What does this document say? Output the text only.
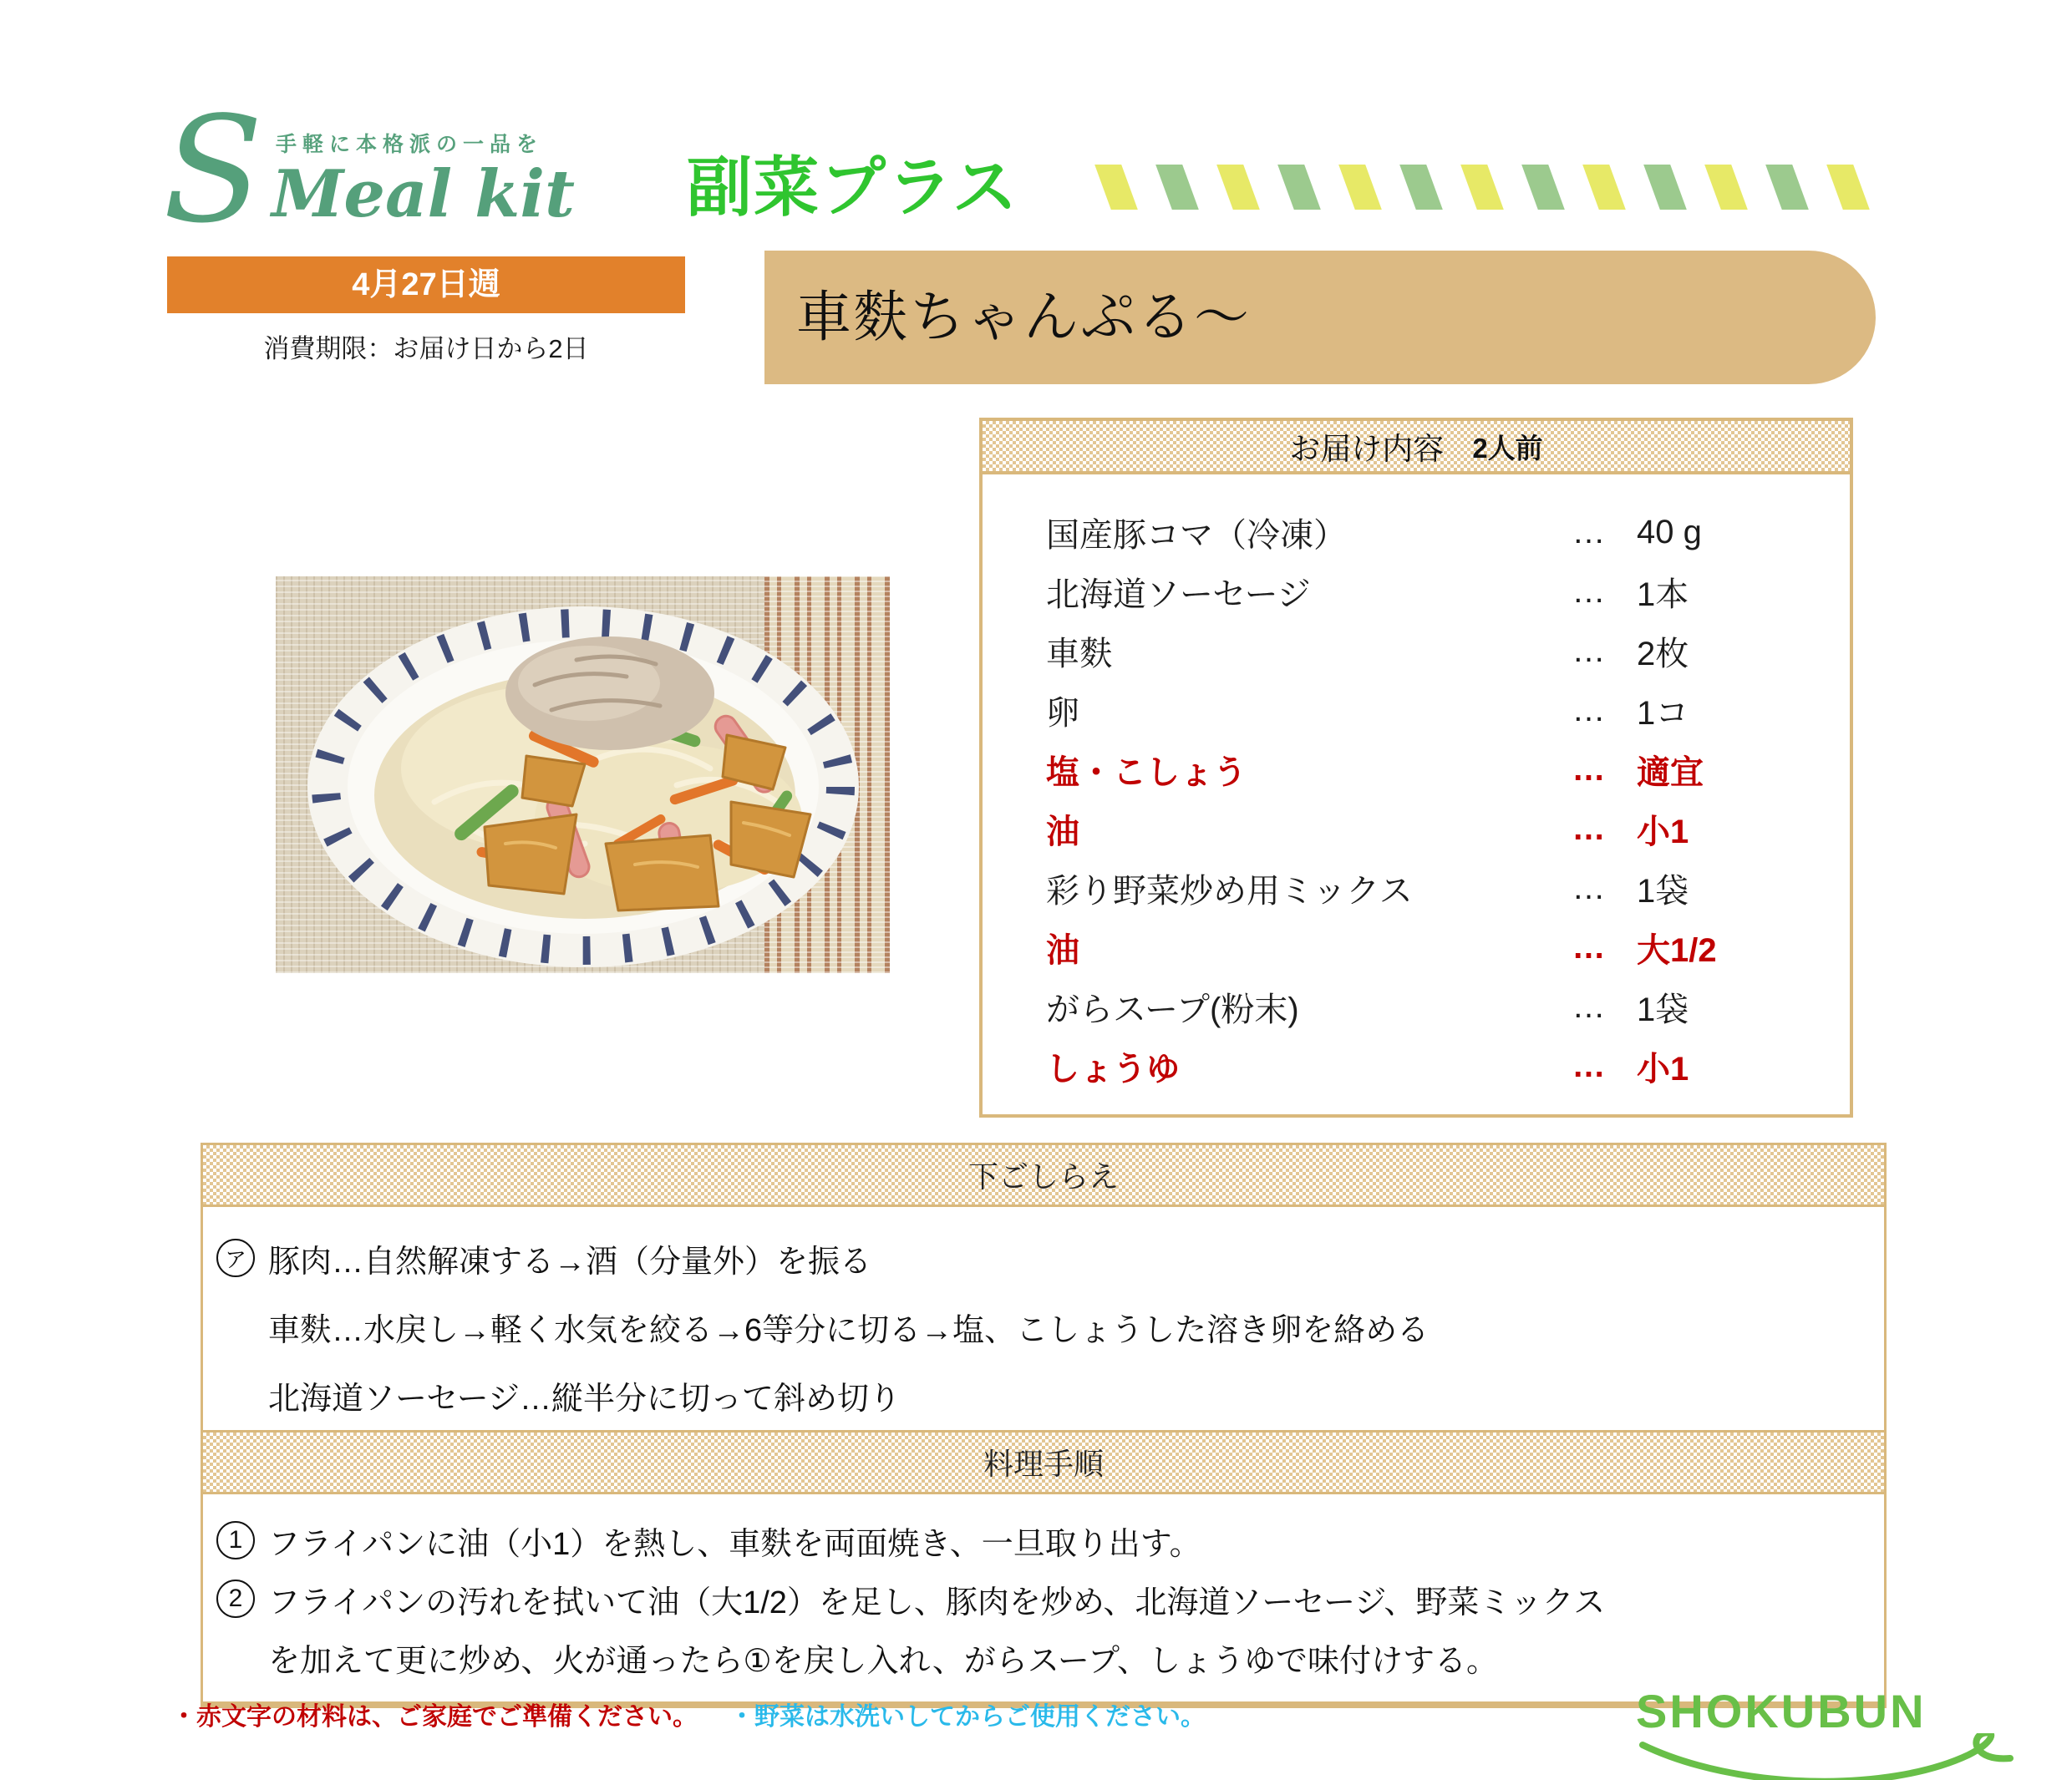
S 手軽に本格派の一品を
Meal kit
4月27日週
消費期限：お届け日から2日
副菜プラス
車麩ちゃんぷる～
お届け内容 2人前
国産豚コマ（冷凍）	… 40 g
北海道ソーセージ	… 1本
車麩	… 2枚
卵	… 1コ
塩・こしょう	… 適宜
油	… 小1
彩り野菜炒め用ミックス	… 1袋
油	… 大1/2
がらスープ(粉末)	… 1袋
しょうゆ	… 小1
下ごしらえ
ア 豚肉…自然解凍する→酒（分量外）を振る
車麩…水戻し→軽く水気を絞る→6等分に切る→塩、こしょうした溶き卵を絡める
北海道ソーセージ…縦半分に切って斜め切り
料理手順
1 フライパンに油（小1）を熱し、車麩を両面焼き、一旦取り出す。
2 フライパンの汚れを拭いて油（大1/2）を足し、豚肉を炒め、北海道ソーセージ、野菜ミックス
を加えて更に炒め、火が通ったら①を戻し入れ、がらスープ、しょうゆで味付けする。
・赤文字の材料は、ご家庭でご準備ください。 ・野菜は水洗いしてからご使用ください。	SHOKUBUN
